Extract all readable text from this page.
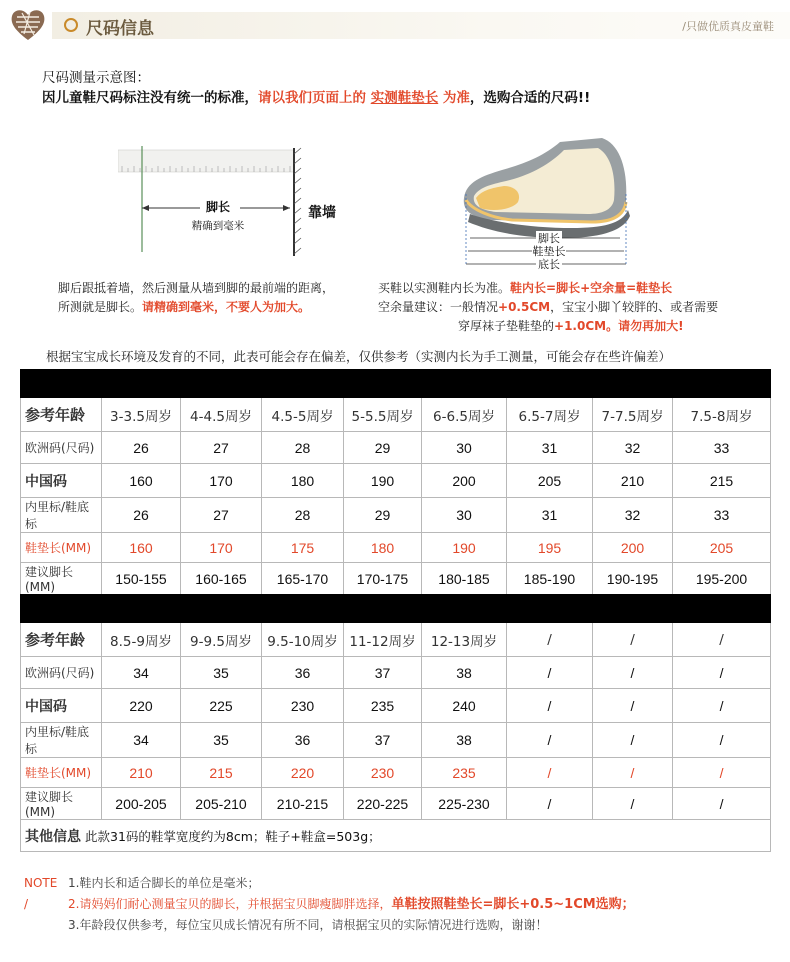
尺码信息	/只做优质真皮童鞋
尺码测量示意图：
因儿童鞋尺码标注没有统一的标准，请以我们页面上的 实测鞋垫长 为准，选购合适的尺码!!
脚长
精确到毫米
靠墙
脚长
鞋垫长
底长
脚后跟抵着墙，然后测量从墙到脚的最前端的距离，
所测就是脚长。请精确到毫米，不要人为加大。
买鞋以实测鞋内长为准。鞋内长=脚长+空余量=鞋垫长
空余量建议：一般情况+0.5CM，宝宝小脚丫较胖的、或者需要
穿厚袜子垫鞋垫的+1.0CM。请勿再加大!
根据宝宝成长环境及发育的不同，此表可能会存在偏差，仅供参考（实测内长为手工测量，可能会存在些许偏差）

参考年龄	3-3.5周岁	4-4.5周岁	4.5-5周岁	5-5.5周岁	6-6.5周岁	6.5-7周岁	7-7.5周岁	7.5-8周岁
欧洲码(尺码)	26	27	28	29	30	31	32	33
中国码	160	170	180	190	200	205	210	215
内里标/鞋底标	26	27	28	29	30	31	32	33
鞋垫长(MM)	160	170	175	180	190	195	200	205
建议脚长(MM)	150-155	160-165	165-170	170-175	180-185	185-190	190-195	195-200

参考年龄	8.5-9周岁	9-9.5周岁	9.5-10周岁	11-12周岁	12-13周岁	/	/	/
欧洲码(尺码)	34	35	36	37	38	/	/	/
中国码	220	225	230	235	240	/	/	/
内里标/鞋底标	34	35	36	37	38	/	/	/
鞋垫长(MM)	210	215	220	230	235	/	/	/
建议脚长(MM)	200-205	205-210	210-215	220-225	225-230	/	/	/
其他信息 此款31码的鞋掌宽度约为8cm；鞋子+鞋盒=503g；								
NOTE /
1.鞋内长和适合脚长的单位是毫米；
2.请妈妈们耐心测量宝贝的脚长，并根据宝贝脚瘦脚胖选择，单鞋按照鞋垫长=脚长+0.5~1CM选购；
3.年龄段仅供参考，每位宝贝成长情况有所不同，请根据宝贝的实际情况进行选购，谢谢！
